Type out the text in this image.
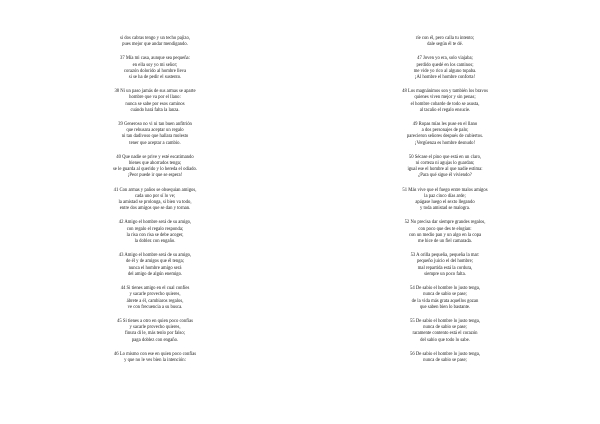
si dos cabras tengo y un techo pajizo,
pues mejor que andar mendigando.
37 Mía mi casa, aunque sea pequeña:
en ella soy yo mi señor;
corazón dolorido al hombre lleva
si se ha de pedir el sustento.
38 Ni un paso jamás de sus armas se aparte
hombre que va por el llano:
nunca se sabe por esos caminos
cuándo hará falta la lanza.
39 Generoso no vi ni tan buen anfitrión
que rehusara aceptar un regalo
ni tan dadivoso que hallara molesto
tener que aceptar a cambio.
40 Que nadie se prive y esté escatimando
bienes que ahorrados tenga;
se le guarda al querido y lo hereda el odiado.
¡Peor puede ir que se espera!
41 Con armas y paños se obsequian amigos,
cada uno por sí lo ve;
la amistad se prolonga, si bien va todo,
entre dos amigos que se dan y tornan.
42 Amigo el hombre será de su amigo,
con regalo el regalo responda;
la risa con risa se debe acoger,
la doblez con engaño.
43 Amigo el hombre será de su amigo,
de él y de amigos que él tenga;
nunca el hombre amigo será
del amigo de algún enemigo.
44 Si tienes amigo en el cual confíes
y sacarle provecho quieres,
ábrete a él, cambiaros regalos,
ve con frecuencia a su busca.
45 Si tienes a otro en quien poco confías
y sacarle provecho quieres,
finura di le, más tenlo por falso;
paga doblez con engaño.
46 Lo mismo con ese en quien poco confías
y que no le ves bien la intención:
ríe con él, pero calla tu intento;
dale según él te dé.
47 Joven yo era, solo viajaba;
perdido quedé en los caminos;
me vide yo rico al alguno topaba.
¡Al hombre el hombre conforta!
48 Los magnánimos son y también los bravos
quienes viven mejor y sin penas;
el hombre cobarde de todo se asusta,
al tacaño el regalo ensucie.
49 Ropas mías les puse en el llano
a dos personajes de palo;
parecieron señores después de cubiertos.
¡Vergüenza es hombre desnudo!
50 Sécase el pino que está en un claro,
ni corteza ni agujas lo guardan;
igual ese el hombre al que nadie estima:
¿Para qué sigue él viviendo?
51 Más vive que el fuego entre malos amigos
la paz cinco días arde;
apágase luego el sexto llegando
y toda amistad se malogra.
52 No precisa dar siempre grandes regalos,
con poco que des te elogian:
con un medio pan y un algo en la copa
me hice de un fiel camarada.
53 A orilla pequeña, pequeña la mar:
pequeño juicio el del hombre;
mal repartida está la cordura,
siempre un poco falta.
54 De sabio el hombre lo justo tenga,
nunca de sabio se pase;
de la vida más grata aquellos gozan
que saben bien lo bastante.
55 De sabio el hombre lo justo tenga,
nunca de sabio se pase;
raramente contento está el corazón
del sabio que todo lo sabe.
56 De sabio el hombre lo justo tenga,
nunca de sabio se pase;
